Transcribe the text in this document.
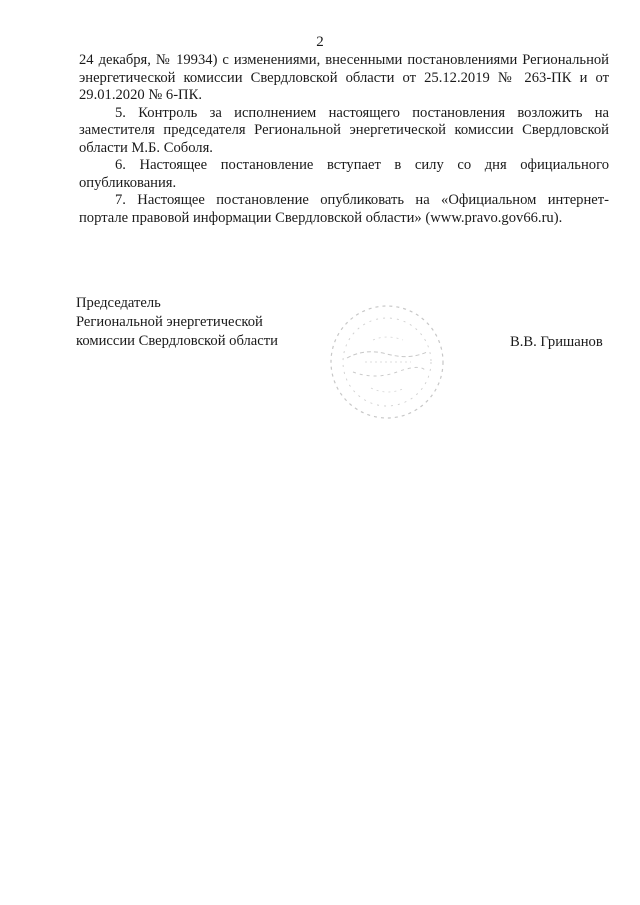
2

24 декабря, № 19934) с изменениями, внесенными постановлениями Региональной энергетической комиссии Свердловской области от 25.12.2019 № 263-ПК и от 29.01.2020 № 6-ПК.

5. Контроль за исполнением настоящего постановления возложить на заместителя председателя Региональной энергетической комиссии Свердловской области М.Б. Соболя.

6. Настоящее постановление вступает в силу со дня официального опубликования.

7. Настоящее постановление опубликовать на «Официальном интернет-портале правовой информации Свердловской области» (www.pravo.gov66.ru).

Председатель
Региональной энергетической
комиссии Свердловской области	В.В. Гришанов
